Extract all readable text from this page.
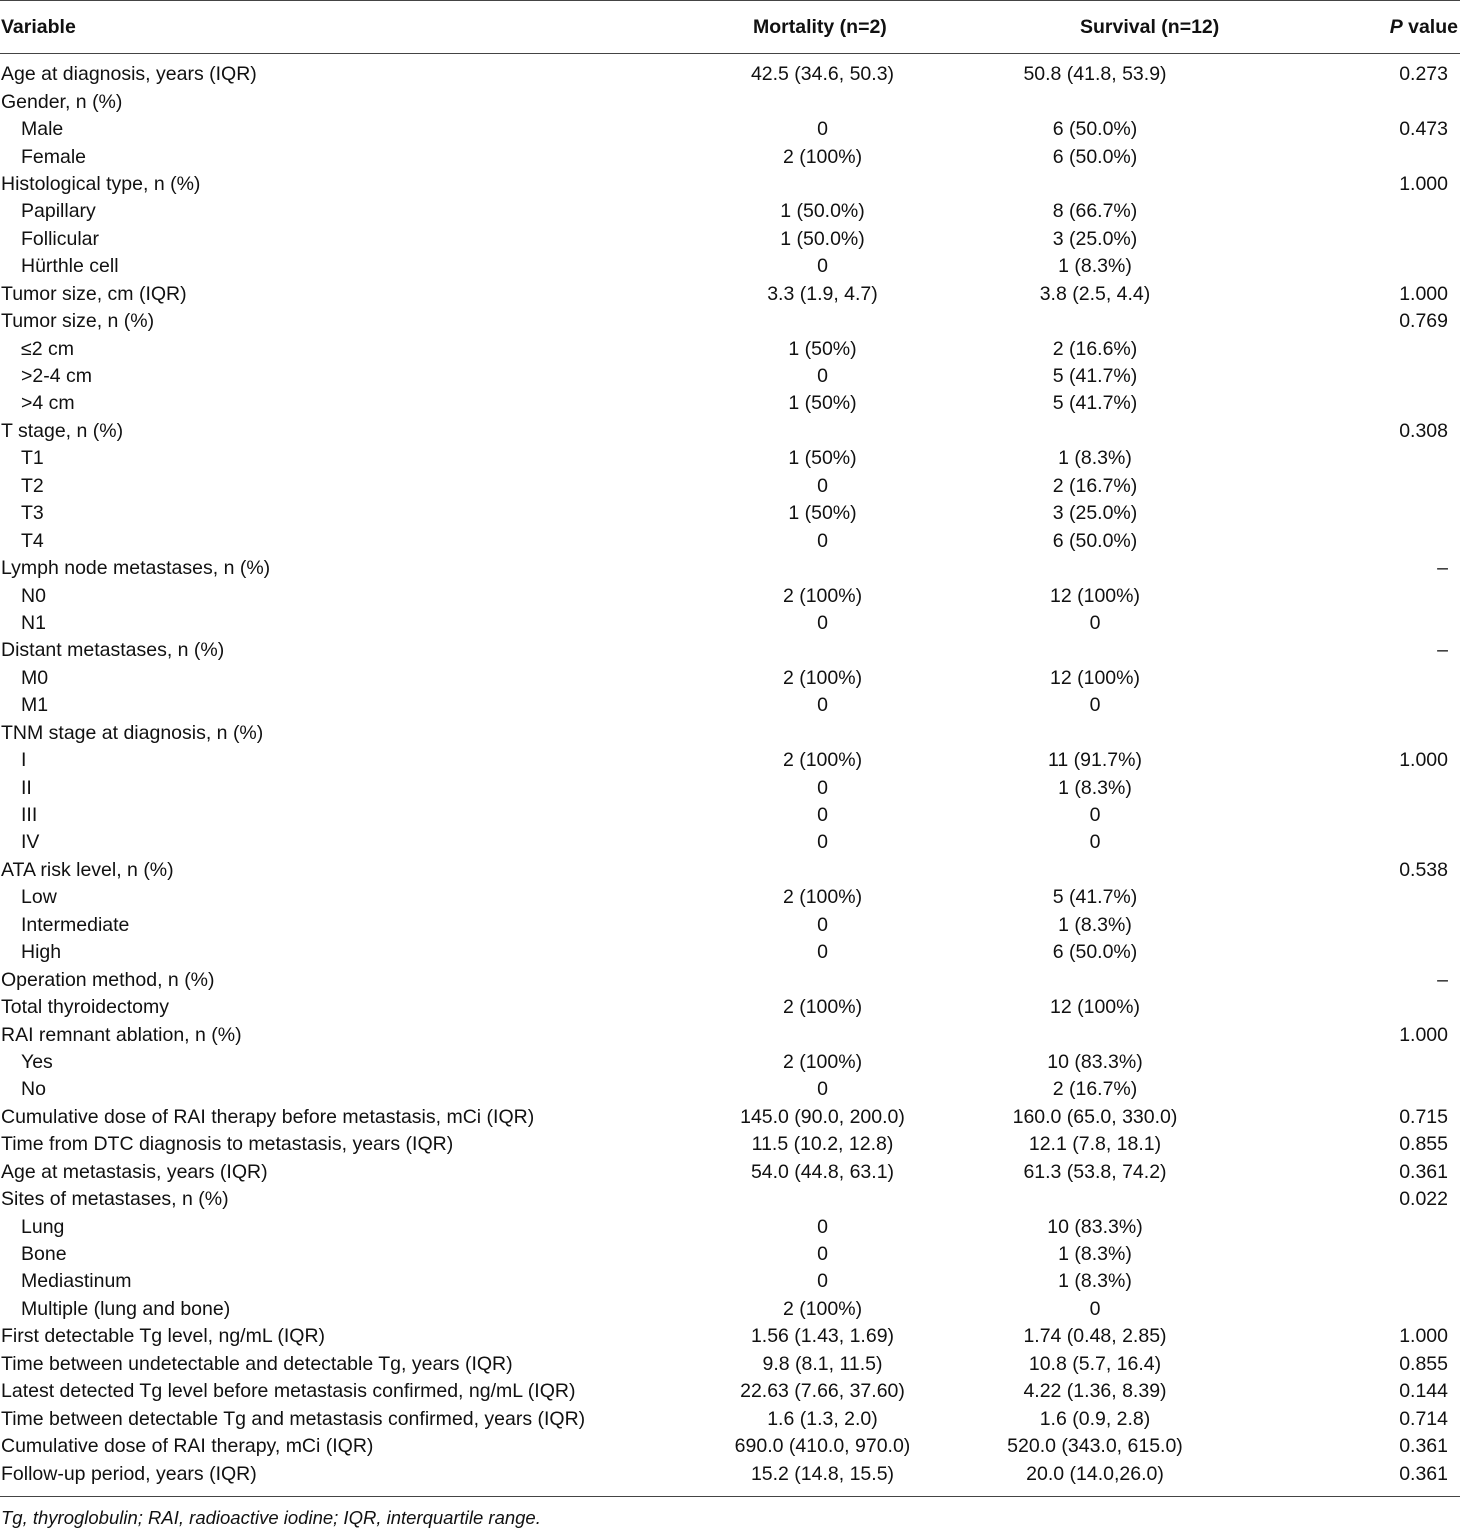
Variable	Mortality (n=2)	Survival (n=12)	P value
Age at diagnosis, years (IQR)	42.5 (34.6, 50.3)	50.8 (41.8, 53.9)	0.273
Gender, n (%)			
Male	0	6 (50.0%)	0.473
Female	2 (100%)	6 (50.0%)	
Histological type, n (%)			1.000
Papillary	1 (50.0%)	8 (66.7%)	
Follicular	1 (50.0%)	3 (25.0%)	
Hürthle cell	0	1 (8.3%)	
Tumor size, cm (IQR)	3.3 (1.9, 4.7)	3.8 (2.5, 4.4)	1.000
Tumor size, n (%)			0.769
≤2 cm	1 (50%)	2 (16.6%)	
>2-4 cm	0	5 (41.7%)	
>4 cm	1 (50%)	5 (41.7%)	
T stage, n (%)			0.308
T1	1 (50%)	1 (8.3%)	
T2	0	2 (16.7%)	
T3	1 (50%)	3 (25.0%)	
T4	0	6 (50.0%)	
Lymph node metastases, n (%)			–
N0	2 (100%)	12 (100%)	
N1	0	0	
Distant metastases, n (%)			–
M0	2 (100%)	12 (100%)	
M1	0	0	
TNM stage at diagnosis, n (%)			
I	2 (100%)	11 (91.7%)	1.000
II	0	1 (8.3%)	
III	0	0	
IV	0	0	
ATA risk level, n (%)			0.538
Low	2 (100%)	5 (41.7%)	
Intermediate	0	1 (8.3%)	
High	0	6 (50.0%)	
Operation method, n (%)			–
Total thyroidectomy	2 (100%)	12 (100%)	
RAI remnant ablation, n (%)			1.000
Yes	2 (100%)	10 (83.3%)	
No	0	2 (16.7%)	
Cumulative dose of RAI therapy before metastasis, mCi (IQR)	145.0 (90.0, 200.0)	160.0 (65.0, 330.0)	0.715
Time from DTC diagnosis to metastasis, years (IQR)	11.5 (10.2, 12.8)	12.1 (7.8, 18.1)	0.855
Age at metastasis, years (IQR)	54.0 (44.8, 63.1)	61.3 (53.8, 74.2)	0.361
Sites of metastases, n (%)			0.022
Lung	0	10 (83.3%)	
Bone	0	1 (8.3%)	
Mediastinum	0	1 (8.3%)	
Multiple (lung and bone)	2 (100%)	0	
First detectable Tg level, ng/mL (IQR)	1.56 (1.43, 1.69)	1.74 (0.48, 2.85)	1.000
Time between undetectable and detectable Tg, years (IQR)	9.8 (8.1, 11.5)	10.8 (5.7, 16.4)	0.855
Latest detected Tg level before metastasis confirmed, ng/mL (IQR)	22.63 (7.66, 37.60)	4.22 (1.36, 8.39)	0.144
Time between detectable Tg and metastasis confirmed, years (IQR)	1.6 (1.3, 2.0)	1.6 (0.9, 2.8)	0.714
Cumulative dose of RAI therapy, mCi (IQR)	690.0 (410.0, 970.0)	520.0 (343.0, 615.0)	0.361
Follow-up period, years (IQR)	15.2 (14.8, 15.5)	20.0 (14.0,26.0)	0.361
Tg, thyroglobulin; RAI, radioactive iodine; IQR, interquartile range.
